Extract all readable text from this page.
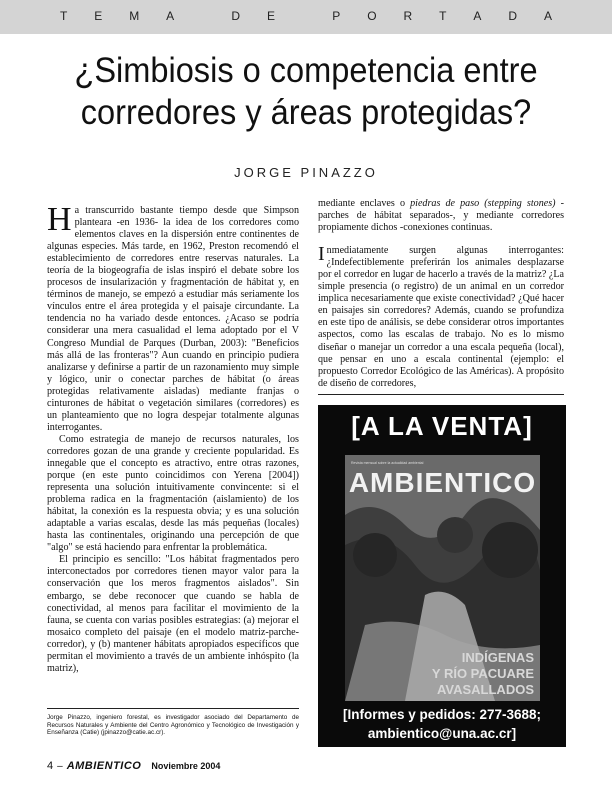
T E M A
	D E
	P O R T A D A
¿Simbiosis o competencia entre
corredores y áreas protegidas?
JORGE PINAZZO

Ha transcurrido bastante tiempo desde que Simpson planteara -en 1936- la idea de los corredores como elementos claves en la dispersión entre continentes de algunas especies. Más tarde, en 1962, Preston recomendó el establecimiento de corredores entre reservas naturales. La teoría de la biogeografía de islas inspiró el debate sobre los procesos de insularización y fragmentación de hábitat y, en términos de manejo, se empezó a estudiar más seriamente los vínculos entre el área protegida y el paisaje circundante. La tendencia no ha variado desde entonces. ¿Acaso se podría considerar una mera casualidad el lema adoptado por el V Congreso Mundial de Parques (Durban, 2003): "Beneficios más allá de las fronteras"? Aun cuando en principio pudiera analizarse y definirse a partir de un razonamiento muy simple y lógico, unir o conectar parches de hábitat (o áreas protegidas relativamente aisladas) mediante franjas o cinturones de hábitat o vegetación similares (corredores) es un planteamiento que no logra despejar totalmente algunas interrogantes.

Como estrategia de manejo de recursos naturales, los corredores gozan de una grande y creciente popularidad. Es innegable que el concepto es atractivo, entre otras razones, porque (en este punto coincidimos con Yerena [2004]) representa una solución intuitivamente convincente: si el problema radica en la fragmentación (aislamiento) de los hábitat, la conexión es la respuesta obvia; y es una solución adaptable a varias escalas, desde las más pequeñas (locales) hasta las continentales, originando una percepción de que "algo" se está haciendo para enfrentar la problemática.

El principio es sencillo: "Los hábitat fragmentados pero interconectados por corredores tienen mayor valor para la conservación que los meros fragmentos aislados". Sin embargo, se debe reconocer que cuando se habla de conectividad, al menos para facilitar el movimiento de la fauna, se cuenta con varias posibles estrategias: (a) mejorar el mosaico completo del paisaje (en el modelo matriz-parche-corredor), y (b) mantener hábitats apropiados específicos que permitan el movimiento a través de un ambiente inhóspito (la matriz),

mediante enclaves o piedras de paso (stepping stones) -parches de hábitat separados-, y mediante corredores propiamente dichos -conexiones continuas.

Inmediatamente surgen algunas interrogantes: ¿Indefectiblemente preferirán los animales desplazarse por el corredor en lugar de hacerlo a través de la matriz? ¿La simple presencia (o registro) de un animal en un corredor implica necesariamente que existe conectividad? ¿Qué hacer en paisajes sin corredores? Además, cuando se profundiza en este tipo de análisis, se debe considerar otros importantes aspectos, como las escalas de trabajo. No es lo mismo diseñar o manejar un corredor a una escala pequeña (local), que pensar en uno a escala continental (ejemplo: el propuesto Corredor Ecológico de las Américas). A propósito de diseño de corredores,

[A LA VENTA]
Revista mensual sobre la actualidad ambiental
AMBIENTICO
INDÍGENAS
Y RÍO PACUARE
AVASALLADOS
[Informes y pedidos: 277-3688;
ambientico@una.ac.cr]
Jorge Pinazzo, ingeniero forestal, es investigador asociado del Departamento de Recursos Naturales y Ambiente del Centro Agronómico y Tecnológico de Investigación y Enseñanza (Catie) (jpinazzo@catie.ac.cr).
4 – AMBIENTICO Noviembre 2004
